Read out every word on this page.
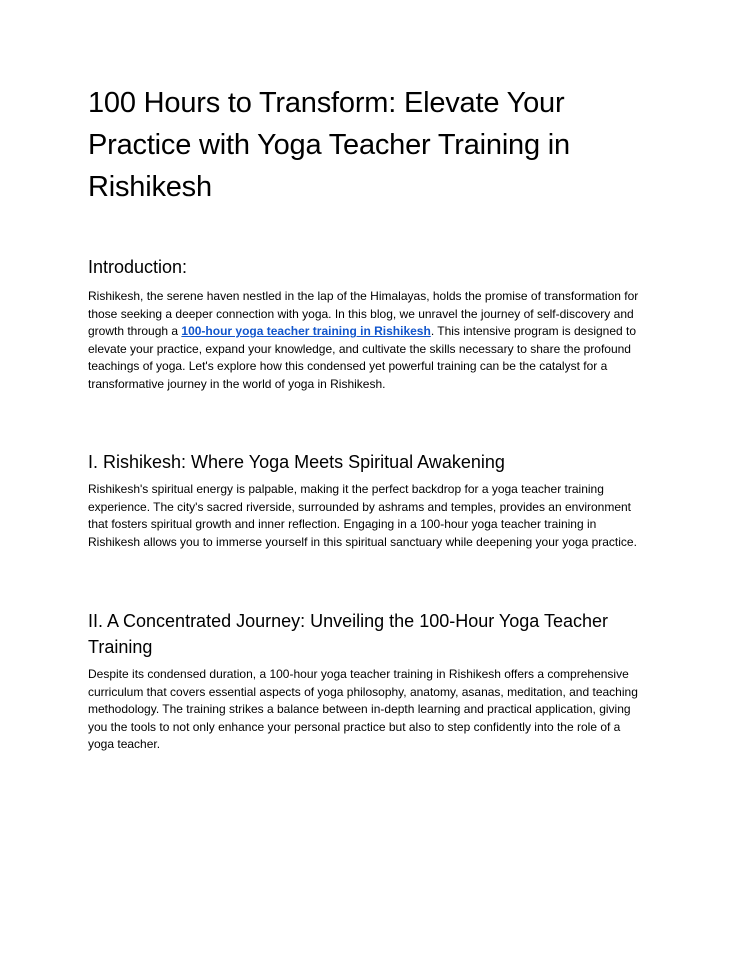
100 Hours to Transform: Elevate Your Practice with Yoga Teacher Training in Rishikesh
Introduction:

Rishikesh, the serene haven nestled in the lap of the Himalayas, holds the promise of transformation for those seeking a deeper connection with yoga. In this blog, we unravel the journey of self-discovery and growth through a 100-hour yoga teacher training in Rishikesh. This intensive program is designed to elevate your practice, expand your knowledge, and cultivate the skills necessary to share the profound teachings of yoga. Let's explore how this condensed yet powerful training can be the catalyst for a transformative journey in the world of yoga in Rishikesh.

I. Rishikesh: Where Yoga Meets Spiritual Awakening

Rishikesh's spiritual energy is palpable, making it the perfect backdrop for a yoga teacher training experience. The city's sacred riverside, surrounded by ashrams and temples, provides an environment that fosters spiritual growth and inner reflection. Engaging in a 100-hour yoga teacher training in Rishikesh allows you to immerse yourself in this spiritual sanctuary while deepening your yoga practice.

II. A Concentrated Journey: Unveiling the 100-Hour Yoga Teacher Training

Despite its condensed duration, a 100-hour yoga teacher training in Rishikesh offers a comprehensive curriculum that covers essential aspects of yoga philosophy, anatomy, asanas, meditation, and teaching methodology. The training strikes a balance between in-depth learning and practical application, giving you the tools to not only enhance your personal practice but also to step confidently into the role of a yoga teacher.
